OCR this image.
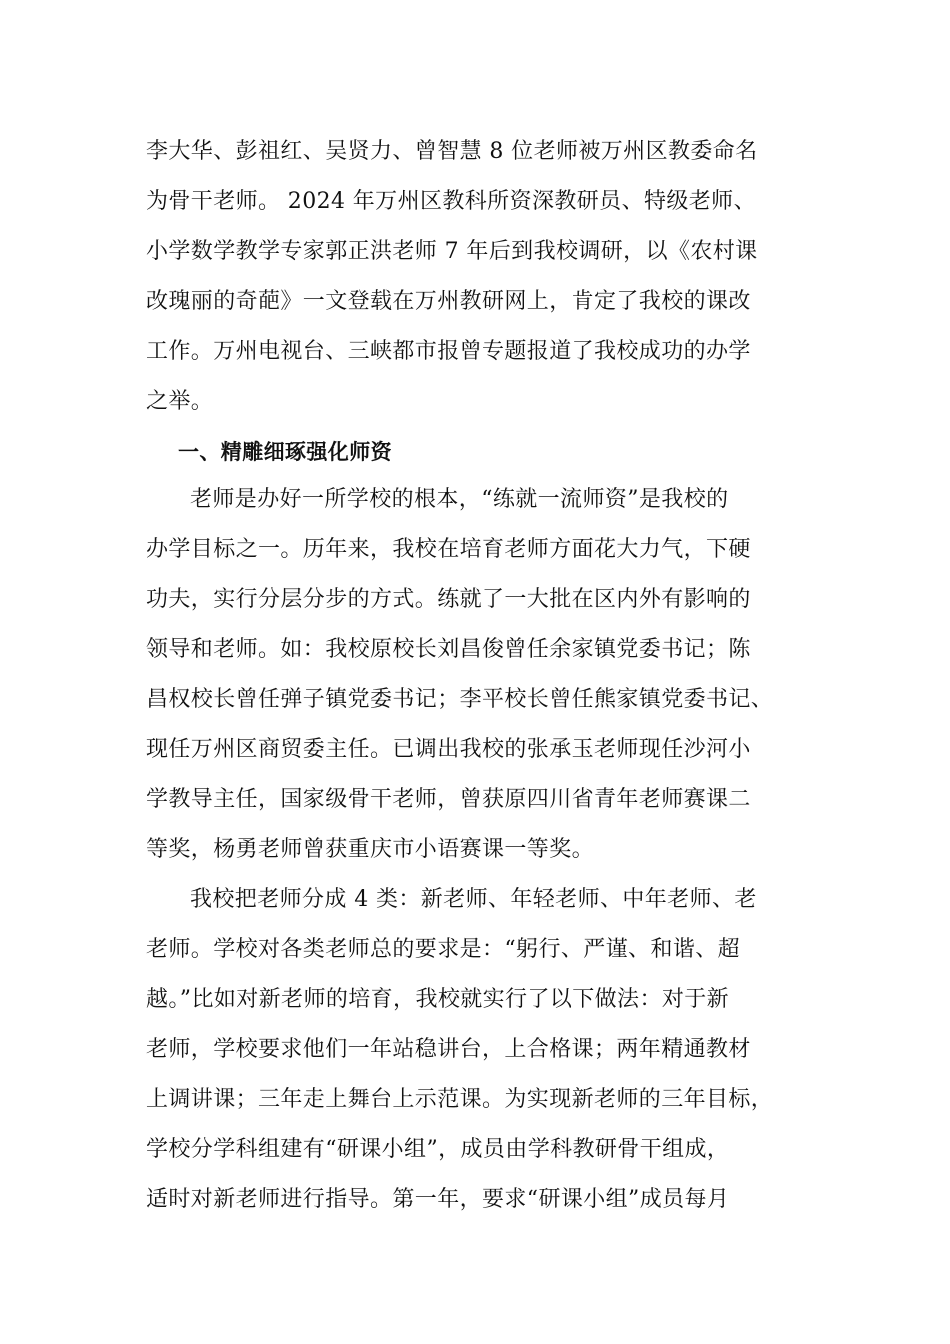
李大华、彭祖红、吴贤力、曾智慧 8 位老师被万州区教委命名
为骨干老师。 2024 年万州区教科所资深教研员、特级老师、
小学数学教学专家郭正洪老师 7 年后到我校调研，以《农村课
改瑰丽的奇葩》一文登载在万州教研网上，肯定了我校的课改
工作。万州电视台、三峡都市报曾专题报道了我校成功的办学
之举。
一、精雕细琢强化师资
老师是办好一所学校的根本，“练就一流师资”是我校的
办学目标之一。历年来，我校在培育老师方面花大力气，下硬
功夫，实行分层分步的方式。练就了一大批在区内外有影响的
领导和老师。如：我校原校长刘昌俊曾任余家镇党委书记；陈
昌权校长曾任弹子镇党委书记；李平校长曾任熊家镇党委书记、
现任万州区商贸委主任。已调出我校的张承玉老师现任沙河小
学教导主任，国家级骨干老师，曾获原四川省青年老师赛课二
等奖，杨勇老师曾获重庆市小语赛课一等奖。
我校把老师分成 4 类：新老师、年轻老师、中年老师、老
老师。学校对各类老师总的要求是：“躬行、严谨、和谐、超
越。”比如对新老师的培育，我校就实行了以下做法：对于新
老师，学校要求他们一年站稳讲台，上合格课；两年精通教材
上调讲课；三年走上舞台上示范课。为实现新老师的三年目标，
学校分学科组建有“研课小组”，成员由学科教研骨干组成，
适时对新老师进行指导。第一年，要求“研课小组”成员每月
